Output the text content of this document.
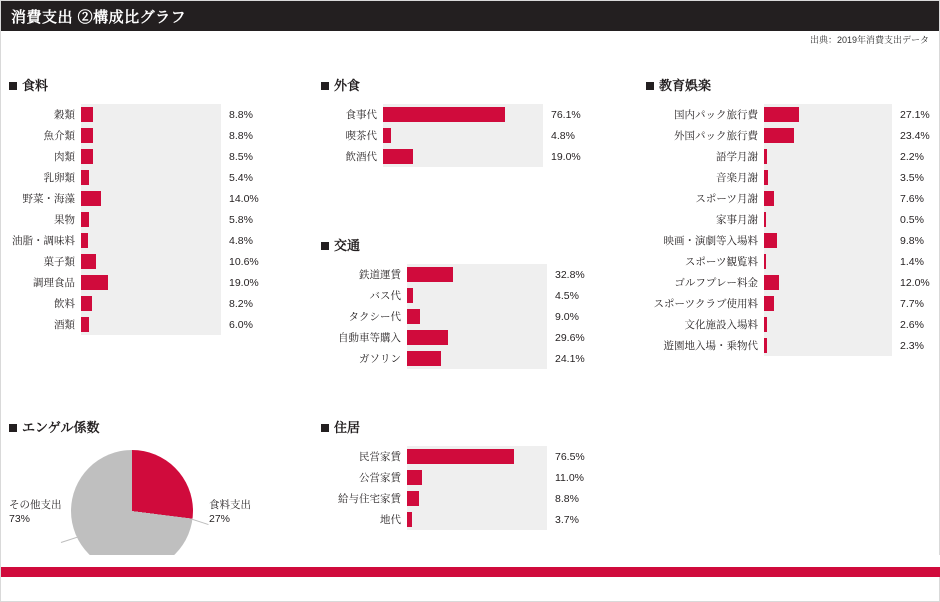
消費支出 ②構成比グラフ
出典：2019年消費支出データ
食料
穀類	8.8%
魚介類	8.8%
肉類	8.5%
乳卵類	5.4%
野菜・海藻	14.0%
果物	5.8%
油脂・調味料	4.8%
菓子類	10.6%
調理食品	19.0%
飲料	8.2%
酒類	6.0%
エンゲル係数
その他支出
73%
食料支出
27%
外食
食事代	76.1%
喫茶代	4.8%
飲酒代	19.0%
交通
鉄道運賃	32.8%
バス代	4.5%
タクシー代	9.0%
自動車等購入	29.6%
ガソリン	24.1%
住居
民営家賃	76.5%
公営家賃	11.0%
給与住宅家賃	8.8%
地代	3.7%
教育娯楽
国内パック旅行費	27.1%
外国パック旅行費	23.4%
語学月謝	2.2%
音楽月謝	3.5%
スポーツ月謝	7.6%
家事月謝	0.5%
映画・演劇等入場料	9.8%
スポーツ観覧料	1.4%
ゴルフプレー料金	12.0%
スポーツクラブ使用料	7.7%
文化施設入場料	2.6%
遊園地入場・乗物代	2.3%
